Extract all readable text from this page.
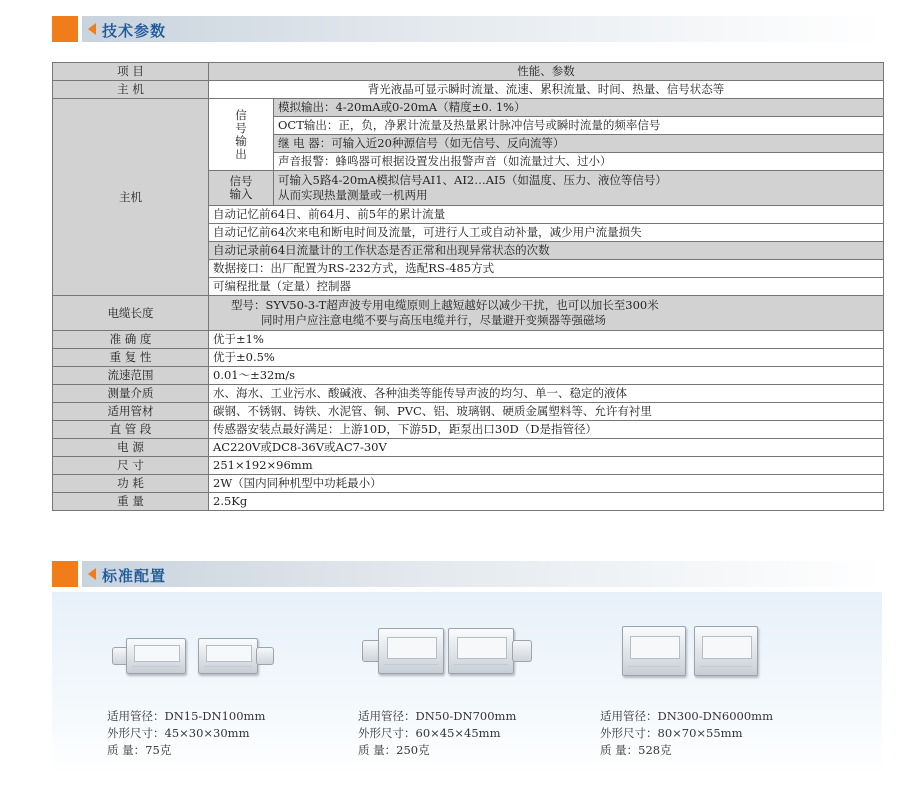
技术参数
项 目	性能、参数	
主 机	背光液晶可显示瞬时流量、流速、累积流量、时间、热量、信号状态等	
主机	信号输出	模拟输出：4-20mA或0-20mA（精度±0. 1%）
		OCT输出：正，负，净累计流量及热量累计脉冲信号或瞬时流量的频率信号
		继 电 器：可输入近20种源信号（如无信号、反向流等）
		声音报警：蜂鸣器可根据设置发出报警声音（如流量过大、过小）
	信号输入	可输入5路4-20mA模拟信号AI1、AI2…AI5（如温度、压力、液位等信号）
从而实现热量测量或一机两用

	自动记忆前64日、前64月、前5年的累计流量	
	自动记忆前64次来电和断电时间及流量，可进行人工或自动补量，减少用户流量损失	
	自动记录前64日流量计的工作状态是否正常和出现异常状态的次数	
	数据接口：出厂配置为RS-232方式，选配RS-485方式	
	可编程批量（定量）控制器	
电缆长度	型号：SYV50-3-T超声波专用电缆原则上越短越好以减少干扰，也可以加长至300米
同时用户应注意电缆不要与高压电缆并行，尽量避开变频器等强磁场	

准 确 度	优于±1%	
重 复 性	优于±0.5%	
流速范围	0.01～±32m/s	
测量介质	水、海水、工业污水、酸碱液、各种油类等能传导声波的均匀、单一、稳定的液体	
适用管材	碳钢、不锈钢、铸铁、水泥管、铜、PVC、铝、玻璃钢、硬质金属塑料等、允许有衬里	
直 管 段	传感器安装点最好满足：上游10D，下游5D，距泵出口30D（D是指管径）	
电 源	AC220V或DC8-36V或AC7-30V	
尺 寸	251×192×96mm	
功 耗	2W（国内同种机型中功耗最小）	
重 量	2.5Kg	
标准配置
适用管径：DN15-DN100mm
外形尺寸：45×30×30mm
质 量：75克
适用管径：DN50-DN700mm
外形尺寸：60×45×45mm
质 量：250克
适用管径：DN300-DN6000mm
外形尺寸：80×70×55mm
质 量：528克
